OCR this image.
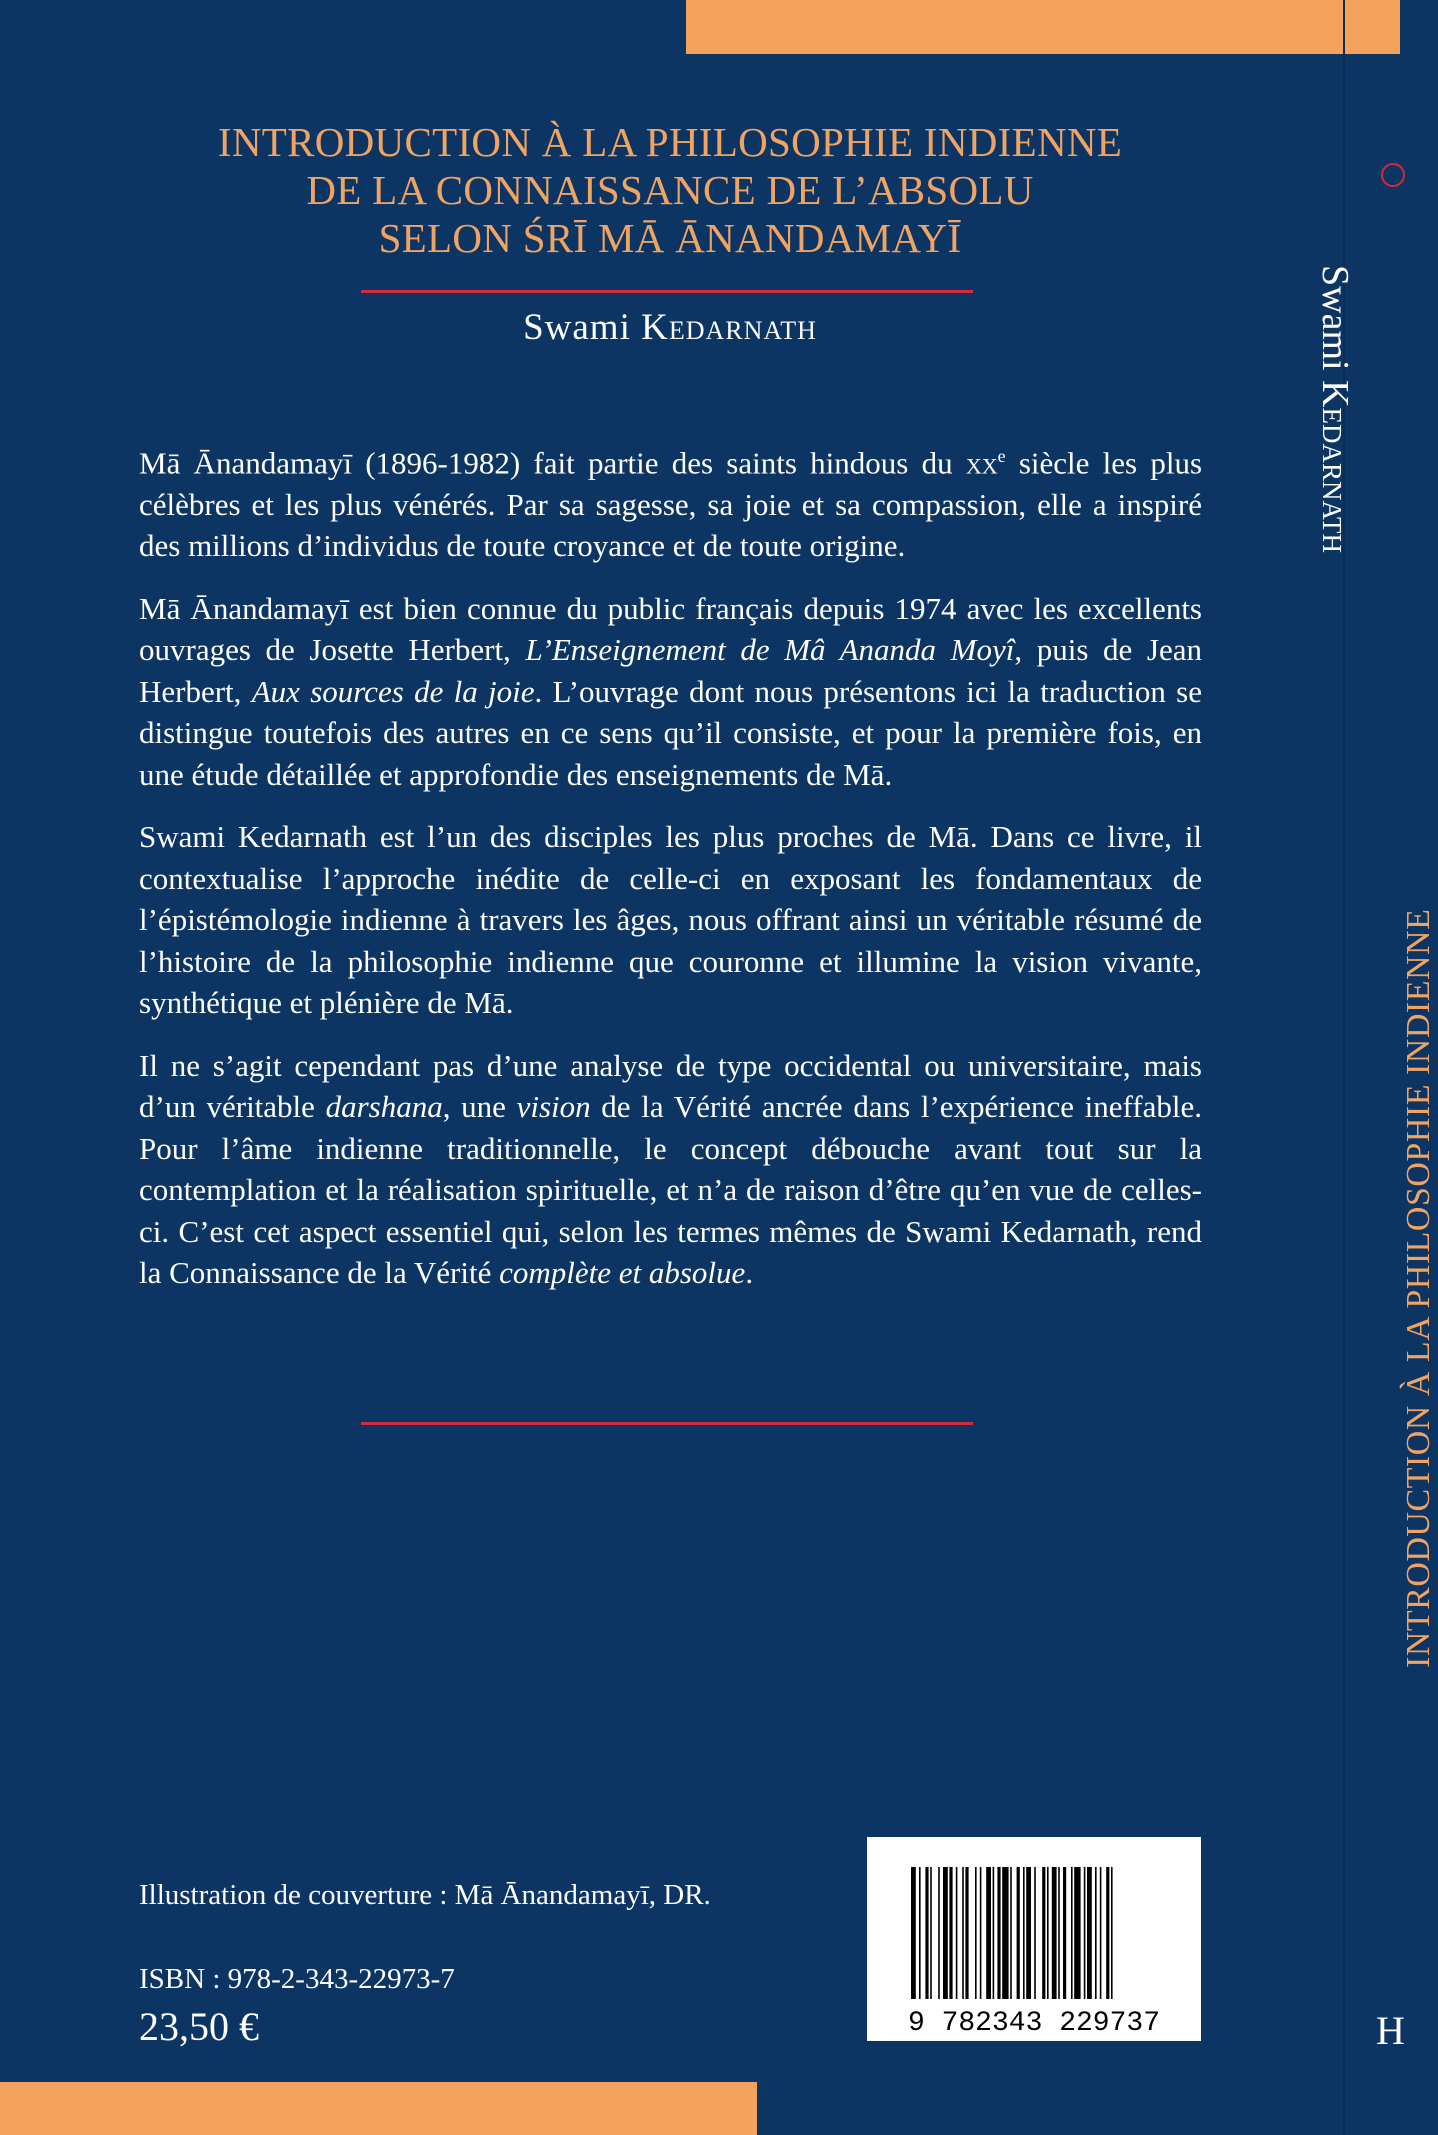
INTRODUCTION À LA PHILOSOPHIE INDIENNE
DE LA CONNAISSANCE DE L’ABSOLU
SELON ŚRĪ MĀ ĀNANDAMAYĪ
Swami Kedarnath

Mā Ānandamayī (1896-1982) fait partie des saints hindous du $xx^e$ siècle les plus célèbres et les plus vénérés. Par sa sagesse, sa joie et sa compassion, elle a inspiré des millions d’individus de toute croyance et de toute origine.

Mā Ānandamayī est bien connue du public français depuis 1974 avec les excellents ouvrages de Josette Herbert, L’Enseignement de Mâ Ananda Moyî, puis de Jean Herbert, Aux sources de la joie. L’ouvrage dont nous présentons ici la traduction se distingue toutefois des autres en ce sens qu’il consiste, et pour la première fois, en une étude détaillée et approfondie des enseignements de Mā.

Swami Kedarnath est l’un des disciples les plus proches de Mā. Dans ce livre, il contextualise l’approche inédite de celle-ci en exposant les fondamentaux de l’épistémologie indienne à travers les âges, nous offrant ainsi un véritable résumé de l’histoire de la philosophie indienne que couronne et illumine la vision vivante, synthétique et plénière de Mā.

Il ne s’agit cependant pas d’une analyse de type occidental ou universitaire, mais d’un véritable darshana, une vision de la Vérité ancrée dans l’expérience ineffable. Pour l’âme indienne traditionnelle, le concept débouche avant tout sur la contemplation et la réalisation spirituelle, et n’a de raison d’être qu’en vue de celles-ci. C’est cet aspect essentiel qui, selon les termes mêmes de Swami Kedarnath, rend la Connaissance de la Vérité complète et absolue.

Illustration de couverture : Mā Ānandamayī, DR.
ISBN : 978-2-343-22973-7
23,50 €	9 782343 229737
Swami Kedarnath
INTRODUCTION À LA PHILOSOPHIE INDIENNE
H
